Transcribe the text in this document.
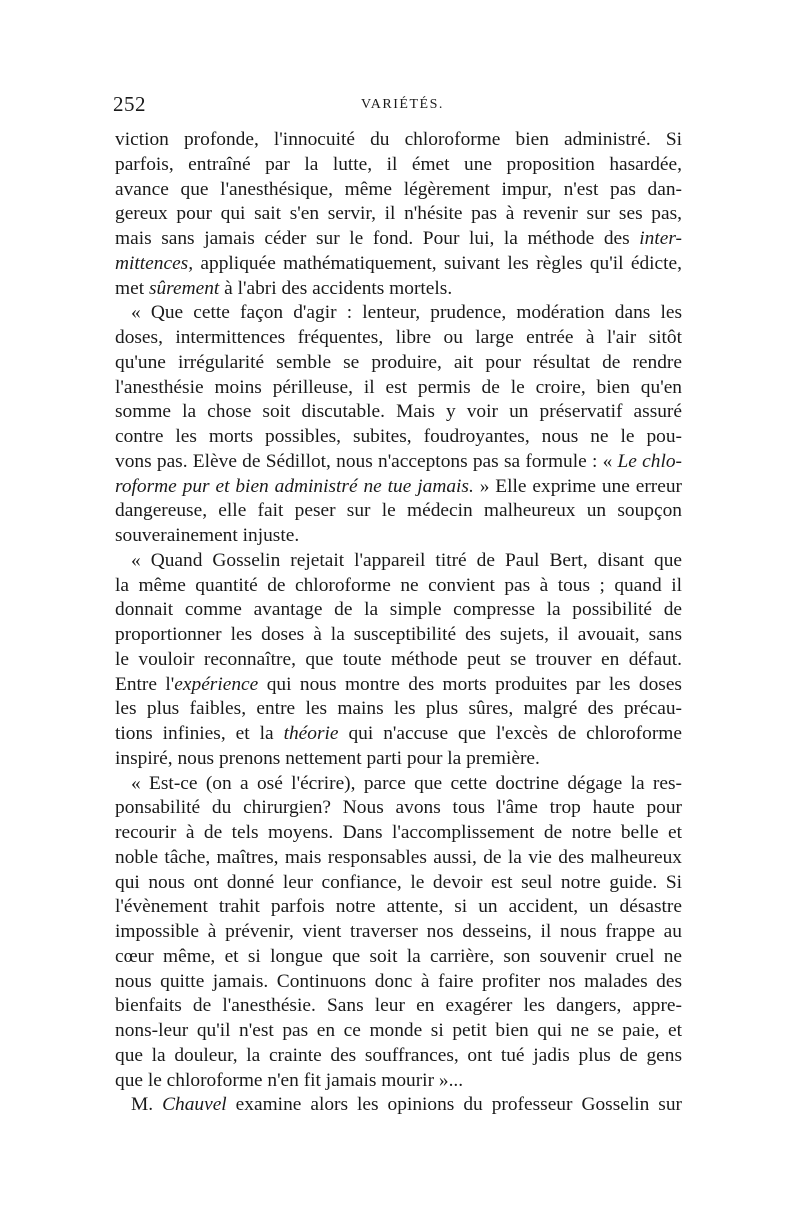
252	VARIÉTÉS.
viction profonde, l'innocuité du chloroforme bien administré. Si
parfois, entraîné par la lutte, il émet une proposition hasardée,
avance que l'anesthésique, même légèrement impur, n'est pas dan-
gereux pour qui sait s'en servir, il n'hésite pas à revenir sur ses pas,
mais sans jamais céder sur le fond. Pour lui, la méthode des inter-
mittences, appliquée mathématiquement, suivant les règles qu'il édicte,
met sûrement à l'abri des accidents mortels.
« Que cette façon d'agir : lenteur, prudence, modération dans les
doses, intermittences fréquentes, libre ou large entrée à l'air sitôt
qu'une irrégularité semble se produire, ait pour résultat de rendre
l'anesthésie moins périlleuse, il est permis de le croire, bien qu'en
somme la chose soit discutable. Mais y voir un préservatif assuré
contre les morts possibles, subites, foudroyantes, nous ne le pou-
vons pas. Elève de Sédillot, nous n'acceptons pas sa formule : « Le chlo-
roforme pur et bien administré ne tue jamais. » Elle exprime une erreur
dangereuse, elle fait peser sur le médecin malheureux un soupçon
souverainement injuste.
« Quand Gosselin rejetait l'appareil titré de Paul Bert, disant que
la même quantité de chloroforme ne convient pas à tous ; quand il
donnait comme avantage de la simple compresse la possibilité de
proportionner les doses à la susceptibilité des sujets, il avouait, sans
le vouloir reconnaître, que toute méthode peut se trouver en défaut.
Entre l'expérience qui nous montre des morts produites par les doses
les plus faibles, entre les mains les plus sûres, malgré des précau-
tions infinies, et la théorie qui n'accuse que l'excès de chloroforme
inspiré, nous prenons nettement parti pour la première.
« Est-ce (on a osé l'écrire), parce que cette doctrine dégage la res-
ponsabilité du chirurgien? Nous avons tous l'âme trop haute pour
recourir à de tels moyens. Dans l'accomplissement de notre belle et
noble tâche, maîtres, mais responsables aussi, de la vie des malheureux
qui nous ont donné leur confiance, le devoir est seul notre guide. Si
l'évènement trahit parfois notre attente, si un accident, un désastre
impossible à prévenir, vient traverser nos desseins, il nous frappe au
cœur même, et si longue que soit la carrière, son souvenir cruel ne
nous quitte jamais. Continuons donc à faire profiter nos malades des
bienfaits de l'anesthésie. Sans leur en exagérer les dangers, appre-
nons-leur qu'il n'est pas en ce monde si petit bien qui ne se paie, et
que la douleur, la crainte des souffrances, ont tué jadis plus de gens
que le chloroforme n'en fit jamais mourir »...
M. Chauvel examine alors les opinions du professeur Gosselin sur
